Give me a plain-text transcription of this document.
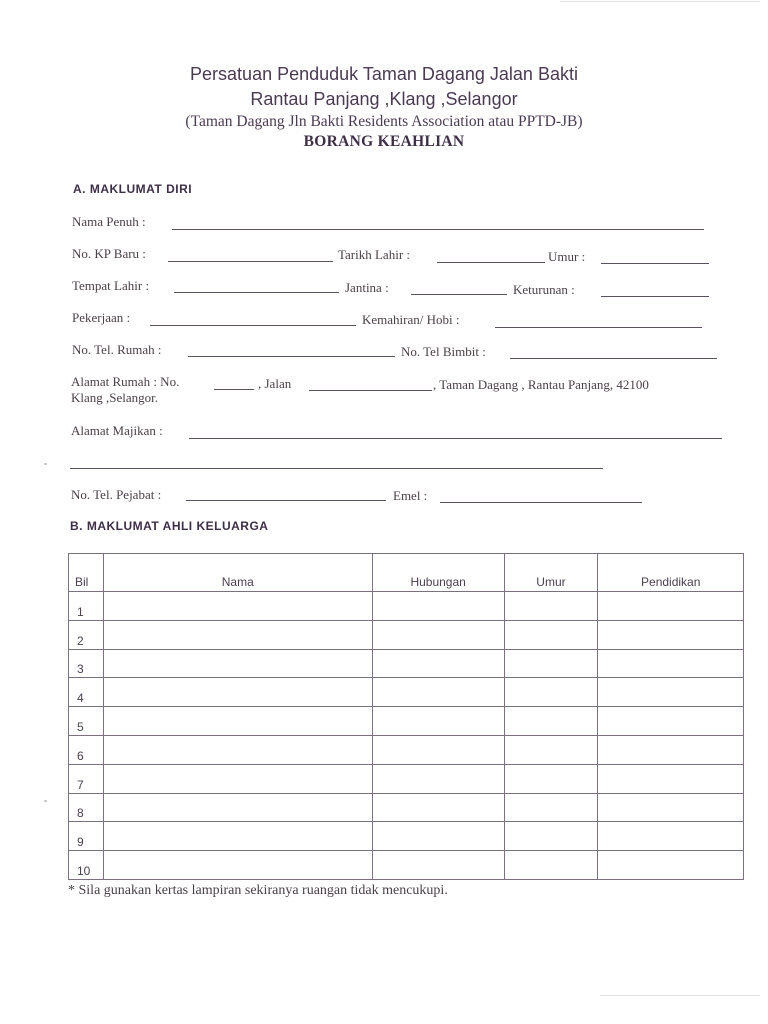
Persatuan Penduduk Taman Dagang Jalan Bakti
Rantau Panjang ,Klang ,Selangor
(Taman Dagang Jln Bakti Residents Association atau PPTD-JB)
BORANG KEAHLIAN
A. MAKLUMAT DIRI
Nama Penuh :
No. KP Baru :	Tarikh Lahir :	Umur :
Tempat Lahir :	Jantina :	Keturunan :
Pekerjaan :	Kemahiran/ Hobi :
No. Tel. Rumah :	No. Tel Bimbit :
Alamat Rumah : No.	, Jalan	, Taman Dagang , Rantau Panjang, 42100
Klang ,Selangor.
Alamat Majikan :
No. Tel. Pejabat :	Emel :
B. MAKLUMAT AHLI KELUARGA
Bil	Nama	Hubungan	Umur	Pendidikan
1				
2				
3				
4				
5				
6				
7				
8				
9				
10				
* Sila gunakan kertas lampiran sekiranya ruangan tidak mencukupi.
